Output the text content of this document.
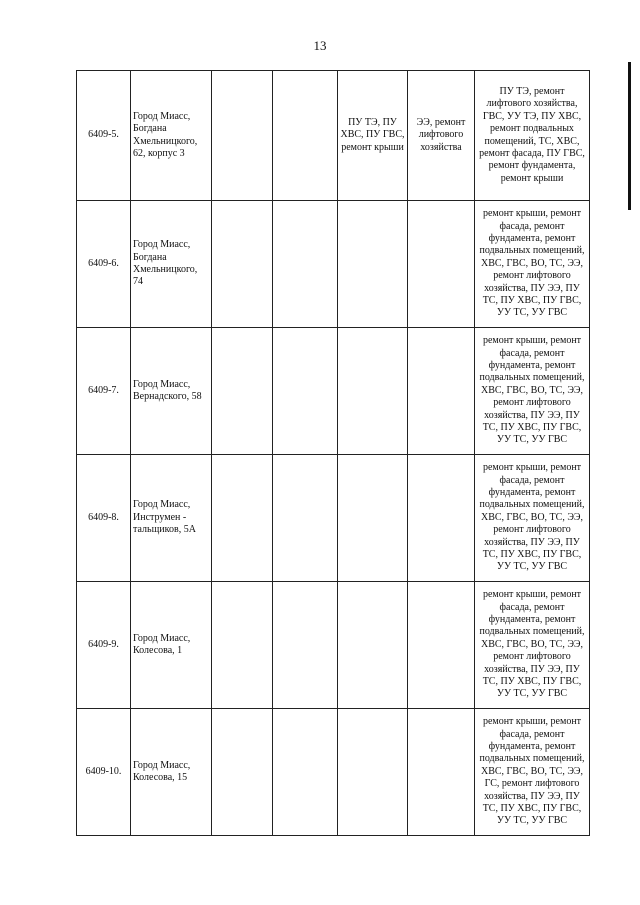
13
6409-5.	Город Миасс, Богдана Хмельницкого, 62, корпус 3			ПУ ТЭ, ПУ ХВС, ПУ ГВС, ремонт крыши	ЭЭ, ремонт лифтового хозяйства	ПУ ТЭ, ремонт лифтового хозяйства, ГВС, УУ ТЭ, ПУ ХВС, ремонт подвальных помещений, ТС, ХВС, ремонт фасада, ПУ ГВС, ремонт фундамента, ремонт крыши
6409-6.	Город Миасс, Богдана Хмельницкого, 74					ремонт крыши, ремонт фасада, ремонт фундамента, ремонт подвальных помещений, ХВС, ГВС, ВО, ТС, ЭЭ, ремонт лифтового хозяйства, ПУ ЭЭ, ПУ ТС, ПУ ХВС, ПУ ГВС, УУ ТС, УУ ГВС
6409-7.	Город Миасс, Вернадского, 58					ремонт крыши, ремонт фасада, ремонт фундамента, ремонт подвальных помещений, ХВС, ГВС, ВО, ТС, ЭЭ, ремонт лифтового хозяйства, ПУ ЭЭ, ПУ ТС, ПУ ХВС, ПУ ГВС, УУ ТС, УУ ГВС
6409-8.	Город Миасс, Инструмен - тальщиков, 5А					ремонт крыши, ремонт фасада, ремонт фундамента, ремонт подвальных помещений, ХВС, ГВС, ВО, ТС, ЭЭ, ремонт лифтового хозяйства, ПУ ЭЭ, ПУ ТС, ПУ ХВС, ПУ ГВС, УУ ТС, УУ ГВС
6409-9.	Город Миасс, Колесова, 1					ремонт крыши, ремонт фасада, ремонт фундамента, ремонт подвальных помещений, ХВС, ГВС, ВО, ТС, ЭЭ, ремонт лифтового хозяйства, ПУ ЭЭ, ПУ ТС, ПУ ХВС, ПУ ГВС, УУ ТС, УУ ГВС
6409-10.	Город Миасс, Колесова, 15					ремонт крыши, ремонт фасада, ремонт фундамента, ремонт подвальных помещений, ХВС, ГВС, ВО, ТС, ЭЭ, ГС, ремонт лифтового хозяйства, ПУ ЭЭ, ПУ ТС, ПУ ХВС, ПУ ГВС, УУ ТС, УУ ГВС
